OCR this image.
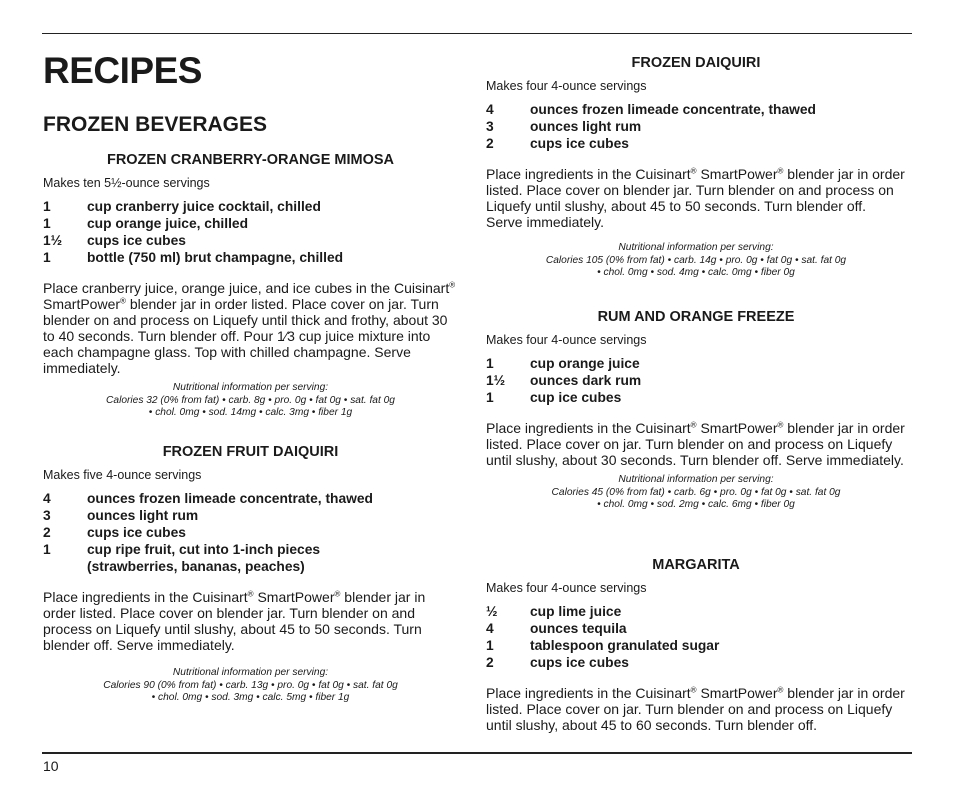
RECIPES
FROZEN BEVERAGES
FROZEN CRANBERRY-ORANGE MIMOSA
Makes ten 5½-ounce servings
1	cup cranberry juice cocktail, chilled
1	cup orange juice, chilled
1½	cups ice cubes
1	bottle (750 ml) brut champagne, chilled
Place cranberry juice, orange juice, and ice cubes in the Cuisinart® SmartPower® blender jar in order listed. Place cover on jar. Turn blender on and process on Liquefy until thick and frothy, about 30 to 40 seconds. Turn blender off. Pour 1⁄3 cup juice mixture into each champagne glass. Top with chilled champagne. Serve immediately.
Nutritional information per serving:
Calories 32 (0% from fat) • carb. 8g • pro. 0g • fat 0g • sat. fat 0g
• chol. 0mg • sod. 14mg • calc. 3mg • fiber 1g
FROZEN FRUIT DAIQUIRI
Makes five 4-ounce servings
4	ounces frozen limeade concentrate, thawed
3	ounces light rum
2	cups ice cubes
1	cup ripe fruit, cut into 1-inch pieces
(strawberries, bananas, peaches)
Place ingredients in the Cuisinart® SmartPower® blender jar in order listed. Place cover on blender jar. Turn blender on and process on Liquefy until slushy, about 45 to 50 seconds. Turn blender off. Serve immediately.
Nutritional information per serving:
Calories 90 (0% from fat) • carb. 13g • pro. 0g • fat 0g • sat. fat 0g
• chol. 0mg • sod. 3mg • calc. 5mg • fiber 1g
FROZEN DAIQUIRI
Makes four 4-ounce servings
4	ounces frozen limeade concentrate, thawed
3	ounces light rum
2	cups ice cubes
Place ingredients in the Cuisinart® SmartPower® blender jar in order listed. Place cover on blender jar. Turn blender on and process on Liquefy until slushy, about 45 to 50 seconds. Turn blender off. Serve immediately.
Nutritional information per serving:
Calories 105 (0% from fat) • carb. 14g • pro. 0g • fat 0g • sat. fat 0g
• chol. 0mg • sod. 4mg • calc. 0mg • fiber 0g
RUM AND ORANGE FREEZE
Makes four 4-ounce servings
1	cup orange juice
1½	ounces dark rum
1	cup ice cubes
Place ingredients in the Cuisinart® SmartPower® blender jar in order listed. Place cover on jar. Turn blender on and process on Liquefy until slushy, about 30 seconds. Turn blender off. Serve immediately.
Nutritional information per serving:
Calories 45 (0% from fat) • carb. 6g • pro. 0g • fat 0g • sat. fat 0g
• chol. 0mg • sod. 2mg • calc. 6mg • fiber 0g
MARGARITA
Makes four 4-ounce servings
½	cup lime juice
4	ounces tequila
1	tablespoon granulated sugar
2	cups ice cubes
Place ingredients in the Cuisinart® SmartPower® blender jar in order listed. Place cover on jar. Turn blender on and process on Liquefy until slushy, about 45 to 60 seconds. Turn blender off.
10
